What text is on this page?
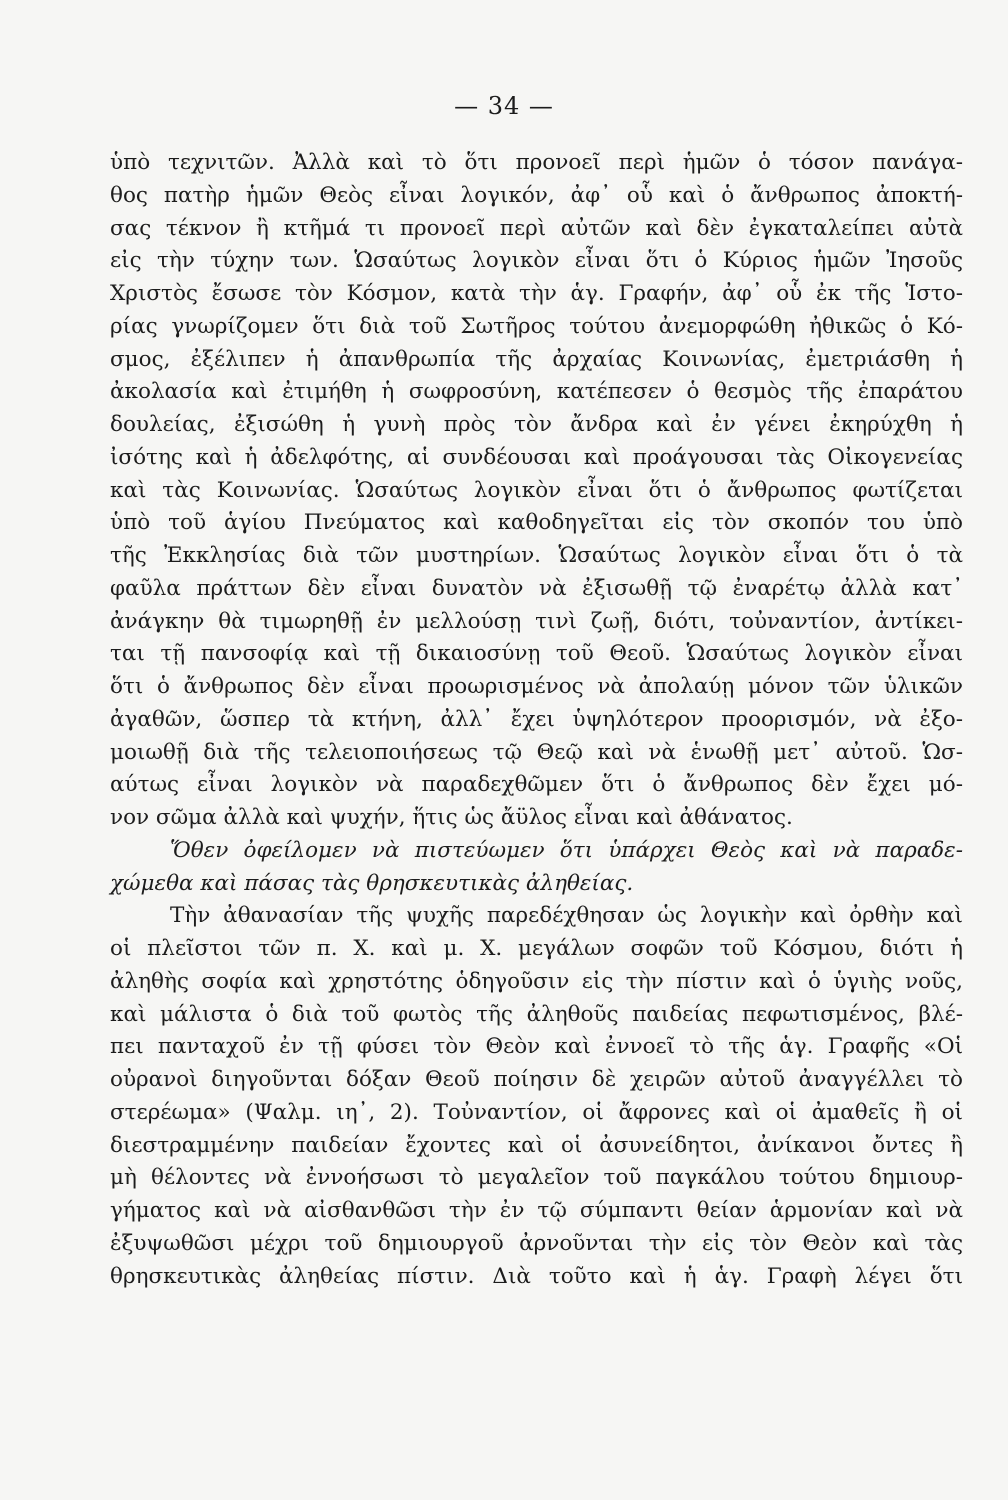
— 34 —
ὑπὸ τεχνιτῶν. Ἀλλὰ καὶ τὸ ὅτι προνοεῖ περὶ ἡμῶν ὁ τόσον πανάγα-
θος πατὴρ ἡμῶν Θεὸς εἶναι λογικόν, ἀφ᾽ οὗ καὶ ὁ ἄνθρωπος ἀποκτή-
σας τέκνον ἢ κτῆμά τι προνοεῖ περὶ αὐτῶν καὶ δὲν ἐγκαταλείπει αὐτὰ
εἰς τὴν τύχην των. Ὡσαύτως λογικὸν εἶναι ὅτι ὁ Κύριος ἡμῶν Ἰησοῦς
Χριστὸς ἔσωσε τὸν Κόσμον, κατὰ τὴν ἁγ. Γραφήν, ἀφ᾽ οὗ ἐκ τῆς Ἱστο-
ρίας γνωρίζομεν ὅτι διὰ τοῦ Σωτῆρος τούτου ἀνεμορφώθη ἠθικῶς ὁ Κό-
σμος, ἐξέλιπεν ἡ ἀπανθρωπία τῆς ἀρχαίας Κοινωνίας, ἐμετριάσθη ἡ
ἀκολασία καὶ ἐτιμήθη ἡ σωφροσύνη, κατέπεσεν ὁ θεσμὸς τῆς ἐπαράτου
δουλείας, ἐξισώθη ἡ γυνὴ πρὸς τὸν ἄνδρα καὶ ἐν γένει ἐκηρύχθη ἡ
ἰσότης καὶ ἡ ἀδελφότης, αἱ συνδέουσαι καὶ προάγουσαι τὰς Οἰκογενείας
καὶ τὰς Κοινωνίας. Ὡσαύτως λογικὸν εἶναι ὅτι ὁ ἄνθρωπος φωτίζεται
ὑπὸ τοῦ ἁγίου Πνεύματος καὶ καθοδηγεῖται εἰς τὸν σκοπόν του ὑπὸ
τῆς Ἐκκλησίας διὰ τῶν μυστηρίων. Ὡσαύτως λογικὸν εἶναι ὅτι ὁ τὰ
φαῦλα πράττων δὲν εἶναι δυνατὸν νὰ ἐξισωθῇ τῷ ἐναρέτῳ ἀλλὰ κατ᾽
ἀνάγκην θὰ τιμωρηθῇ ἐν μελλούσῃ τινὶ ζωῇ, διότι, τοὐναντίον, ἀντίκει-
ται τῇ πανσοφίᾳ καὶ τῇ δικαιοσύνῃ τοῦ Θεοῦ. Ὡσαύτως λογικὸν εἶναι
ὅτι ὁ ἄνθρωπος δὲν εἶναι προωρισμένος νὰ ἀπολαύῃ μόνον τῶν ὑλικῶν
ἀγαθῶν, ὥσπερ τὰ κτήνη, ἀλλ᾽ ἔχει ὑψηλότερον προορισμόν, νὰ ἐξο-
μοιωθῇ διὰ τῆς τελειοποιήσεως τῷ Θεῷ καὶ νὰ ἑνωθῇ μετ᾽ αὐτοῦ. Ὡσ-
αύτως εἶναι λογικὸν νὰ παραδεχθῶμεν ὅτι ὁ ἄνθρωπος δὲν ἔχει μό-
νον σῶμα ἀλλὰ καὶ ψυχήν, ἥτις ὡς ἄϋλος εἶναι καὶ ἀθάνατος.
Ὅθεν ὀφείλομεν νὰ πιστεύωμεν ὅτι ὑπάρχει Θεὸς καὶ νὰ παραδε-
χώμεθα καὶ πάσας τὰς θρησκευτικὰς ἀληθείας.
Τὴν ἀθανασίαν τῆς ψυχῆς παρεδέχθησαν ὡς λογικὴν καὶ ὀρθὴν καὶ
οἱ πλεῖστοι τῶν π. Χ. καὶ μ. Χ. μεγάλων σοφῶν τοῦ Κόσμου, διότι ἡ
ἀληθὴς σοφία καὶ χρηστότης ὁδηγοῦσιν εἰς τὴν πίστιν καὶ ὁ ὑγιὴς νοῦς,
καὶ μάλιστα ὁ διὰ τοῦ φωτὸς τῆς ἀληθοῦς παιδείας πεφωτισμένος, βλέ-
πει πανταχοῦ ἐν τῇ φύσει τὸν Θεὸν καὶ ἐννοεῖ τὸ τῆς ἁγ. Γραφῆς «Οἱ
οὐρανοὶ διηγοῦνται δόξαν Θεοῦ ποίησιν δὲ χειρῶν αὐτοῦ ἀναγγέλλει τὸ
στερέωμα» (Ψαλμ. ιη᾽, 2). Τοὐναντίον, οἱ ἄφρονες καὶ οἱ ἀμαθεῖς ἢ οἱ
διεστραμμένην παιδείαν ἔχοντες καὶ οἱ ἀσυνείδητοι, ἀνίκανοι ὄντες ἢ
μὴ θέλοντες νὰ ἐννοήσωσι τὸ μεγαλεῖον τοῦ παγκάλου τούτου δημιουρ-
γήματος καὶ νὰ αἰσθανθῶσι τὴν ἐν τῷ σύμπαντι θείαν ἁρμονίαν καὶ νὰ
ἐξυψωθῶσι μέχρι τοῦ δημιουργοῦ ἀρνοῦνται τὴν εἰς τὸν Θεὸν καὶ τὰς
θρησκευτικὰς ἀληθείας πίστιν. Διὰ τοῦτο καὶ ἡ ἁγ. Γραφὴ λέγει ὅτι
